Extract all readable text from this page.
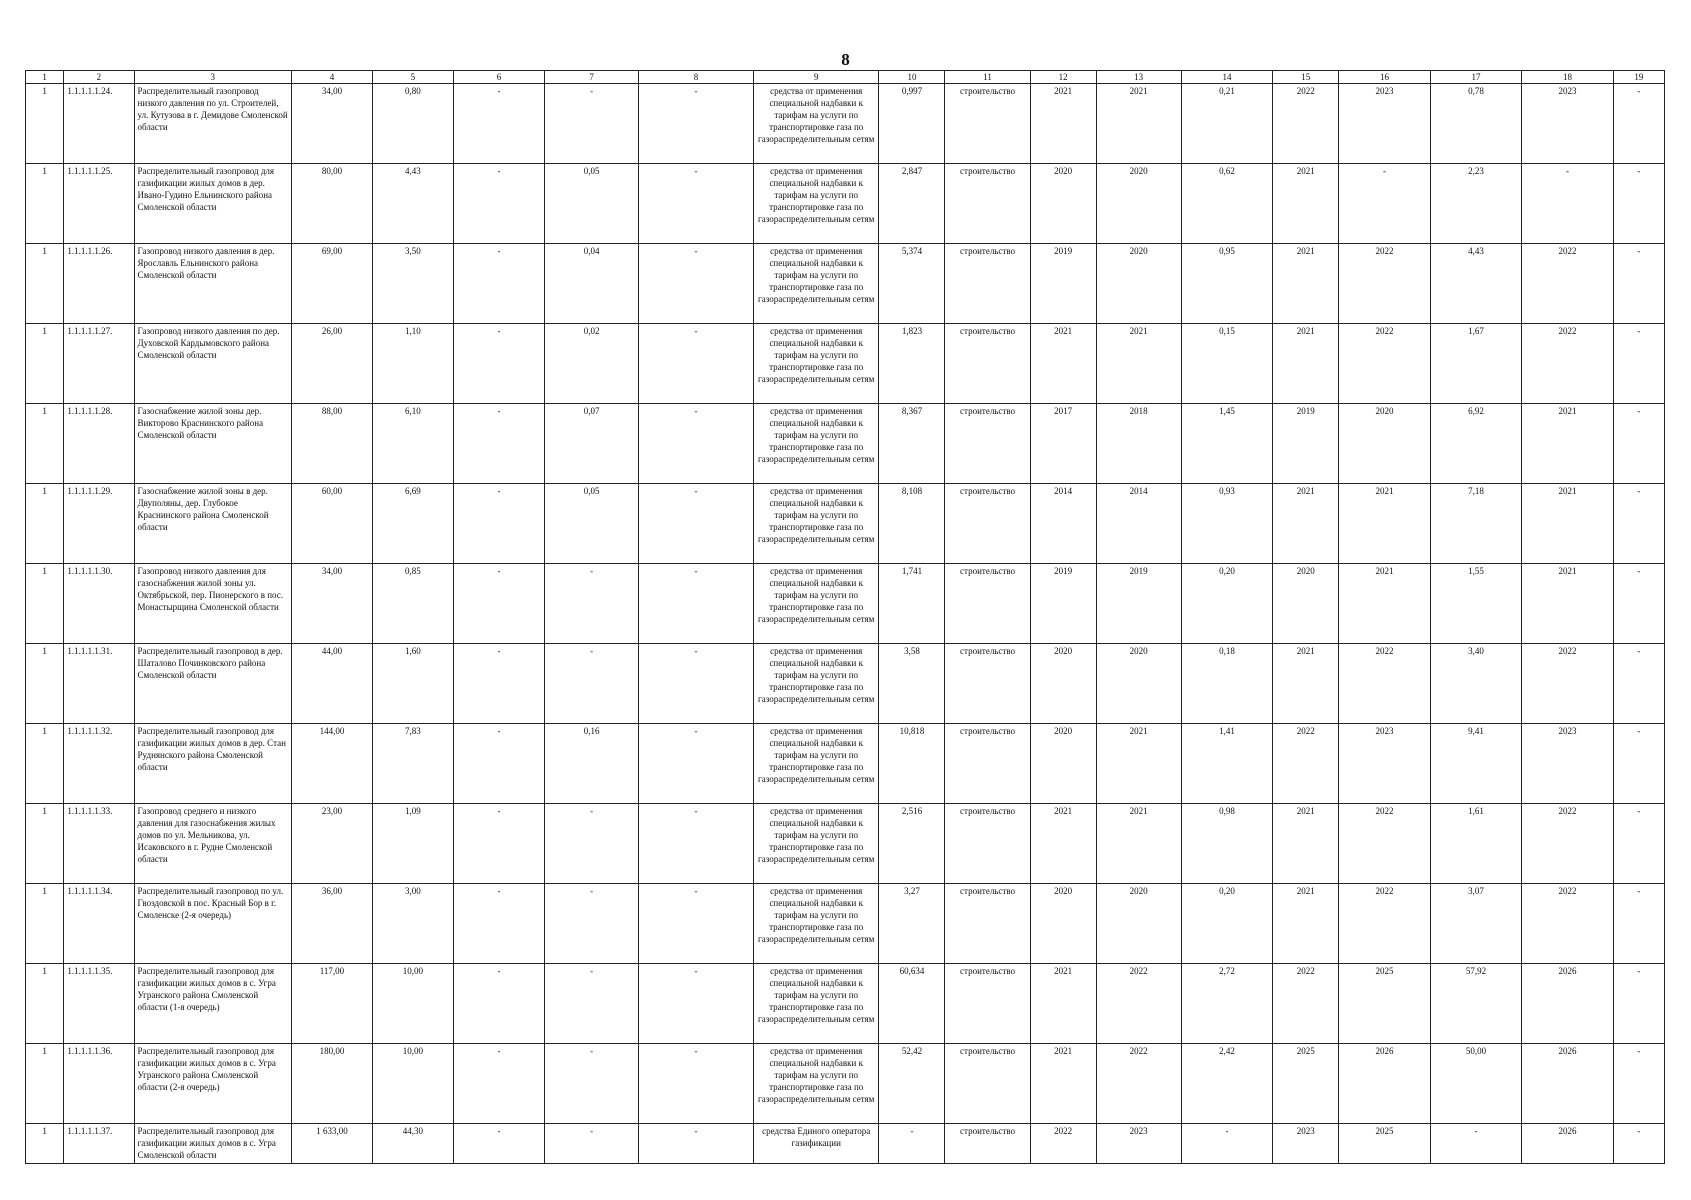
8
1	2	3	4	5	6	7	8	9	10	11	12	13	14	15	16	17	18	19
1	1.1.1.1.1.24.	Распределительный газопровод низкого давления по ул. Строителей, ул. Кутузова в г. Демидове Смоленской области	34,00	0,80	-	-	-	средства от применения специальной надбавки к тарифам на услуги по транспортировке газа по газораспределительным сетям	0,997	строительство	2021	2021	0,21	2022	2023	0,78	2023	-
1	1.1.1.1.1.25.	Распределительный газопровод для газификации жилых домов в дер. Ивано-Гудино Ельнинского района Смоленской области	80,00	4,43	-	0,05	-	средства от применения специальной надбавки к тарифам на услуги по транспортировке газа по газораспределительным сетям	2,847	строительство	2020	2020	0,62	2021	-	2,23	-	-
1	1.1.1.1.1.26.	Газопровод низкого давления в дер. Ярославль Ельнинского района Смоленской области	69,00	3,50	-	0,04	-	средства от применения специальной надбавки к тарифам на услуги по транспортировке газа по газораспределительным сетям	5,374	строительство	2019	2020	0,95	2021	2022	4,43	2022	-
1	1.1.1.1.1.27.	Газопровод низкого давления по дер. Духовской Кардымовского района Смоленской области	26,00	1,10	-	0,02	-	средства от применения специальной надбавки к тарифам на услуги по транспортировке газа по газораспределительным сетям	1,823	строительство	2021	2021	0,15	2021	2022	1,67	2022	-
1	1.1.1.1.1.28.	Газоснабжение жилой зоны дер. Викторово Краснинского района Смоленской области	88,00	6,10	-	0,07	-	средства от применения специальной надбавки к тарифам на услуги по транспортировке газа по газораспределительным сетям	8,367	строительство	2017	2018	1,45	2019	2020	6,92	2021	-
1	1.1.1.1.1.29.	Газоснабжение жилой зоны в дер. Двуполяны, дер. Глубокое Краснинского района Смоленской области	60,00	6,69	-	0,05	-	средства от применения специальной надбавки к тарифам на услуги по транспортировке газа по газораспределительным сетям	8,108	строительство	2014	2014	0,93	2021	2021	7,18	2021	-
1	1.1.1.1.1.30.	Газопровод низкого давления для газоснабжения жилой зоны ул. Октябрьской, пер. Пионерского в пос. Монастырщина Смоленской области	34,00	0,85	-	-	-	средства от применения специальной надбавки к тарифам на услуги по транспортировке газа по газораспределительным сетям	1,741	строительство	2019	2019	0,20	2020	2021	1,55	2021	-
1	1.1.1.1.1.31.	Распределительный газопровод в дер. Шаталово Починковского района Смоленской области	44,00	1,60	-	-	-	средства от применения специальной надбавки к тарифам на услуги по транспортировке газа по газораспределительным сетям	3,58	строительство	2020	2020	0,18	2021	2022	3,40	2022	-
1	1.1.1.1.1.32.	Распределительный газопровод для газификации жилых домов в дер. Стан Руднянского района Смоленской области	144,00	7,83	-	0,16	-	средства от применения специальной надбавки к тарифам на услуги по транспортировке газа по газораспределительным сетям	10,818	строительство	2020	2021	1,41	2022	2023	9,41	2023	-
1	1.1.1.1.1.33.	Газопровод среднего и низкого давления для газоснабжения жилых домов по ул. Мельникова, ул. Исаковского в г. Рудне Смоленской области	23,00	1,09	-	-	-	средства от применения специальной надбавки к тарифам на услуги по транспортировке газа по газораспределительным сетям	2,516	строительство	2021	2021	0,98	2021	2022	1,61	2022	-
1	1.1.1.1.1.34.	Распределительный газопровод по ул. Гвоздовской в пос. Красный Бор в г. Смоленске (2-я очередь)	36,00	3,00	-	-	-	средства от применения специальной надбавки к тарифам на услуги по транспортировке газа по газораспределительным сетям	3,27	строительство	2020	2020	0,20	2021	2022	3,07	2022	-
1	1.1.1.1.1.35.	Распределительный газопровод для газификации жилых домов в с. Угра Угранского района Смоленской области (1-я очередь)	117,00	10,00	-	-	-	средства от применения специальной надбавки к тарифам на услуги по транспортировке газа по газораспределительным сетям	60,634	строительство	2021	2022	2,72	2022	2025	57,92	2026	-
1	1.1.1.1.1.36.	Распределительный газопровод для газификации жилых домов в с. Угра Угранского района Смоленской области (2-я очередь)	180,00	10,00	-	-	-	средства от применения специальной надбавки к тарифам на услуги по транспортировке газа по газораспределительным сетям	52,42	строительство	2021	2022	2,42	2025	2026	50,00	2026	-
1	1.1.1.1.1.37.	Распределительный газопровод для газификации жилых домов в с. Угра Смоленской области	1 633,00	44,30	-	-	-	средства Единого оператора газификации	-	строительство	2022	2023	-	2023	2025	-	2026	-
